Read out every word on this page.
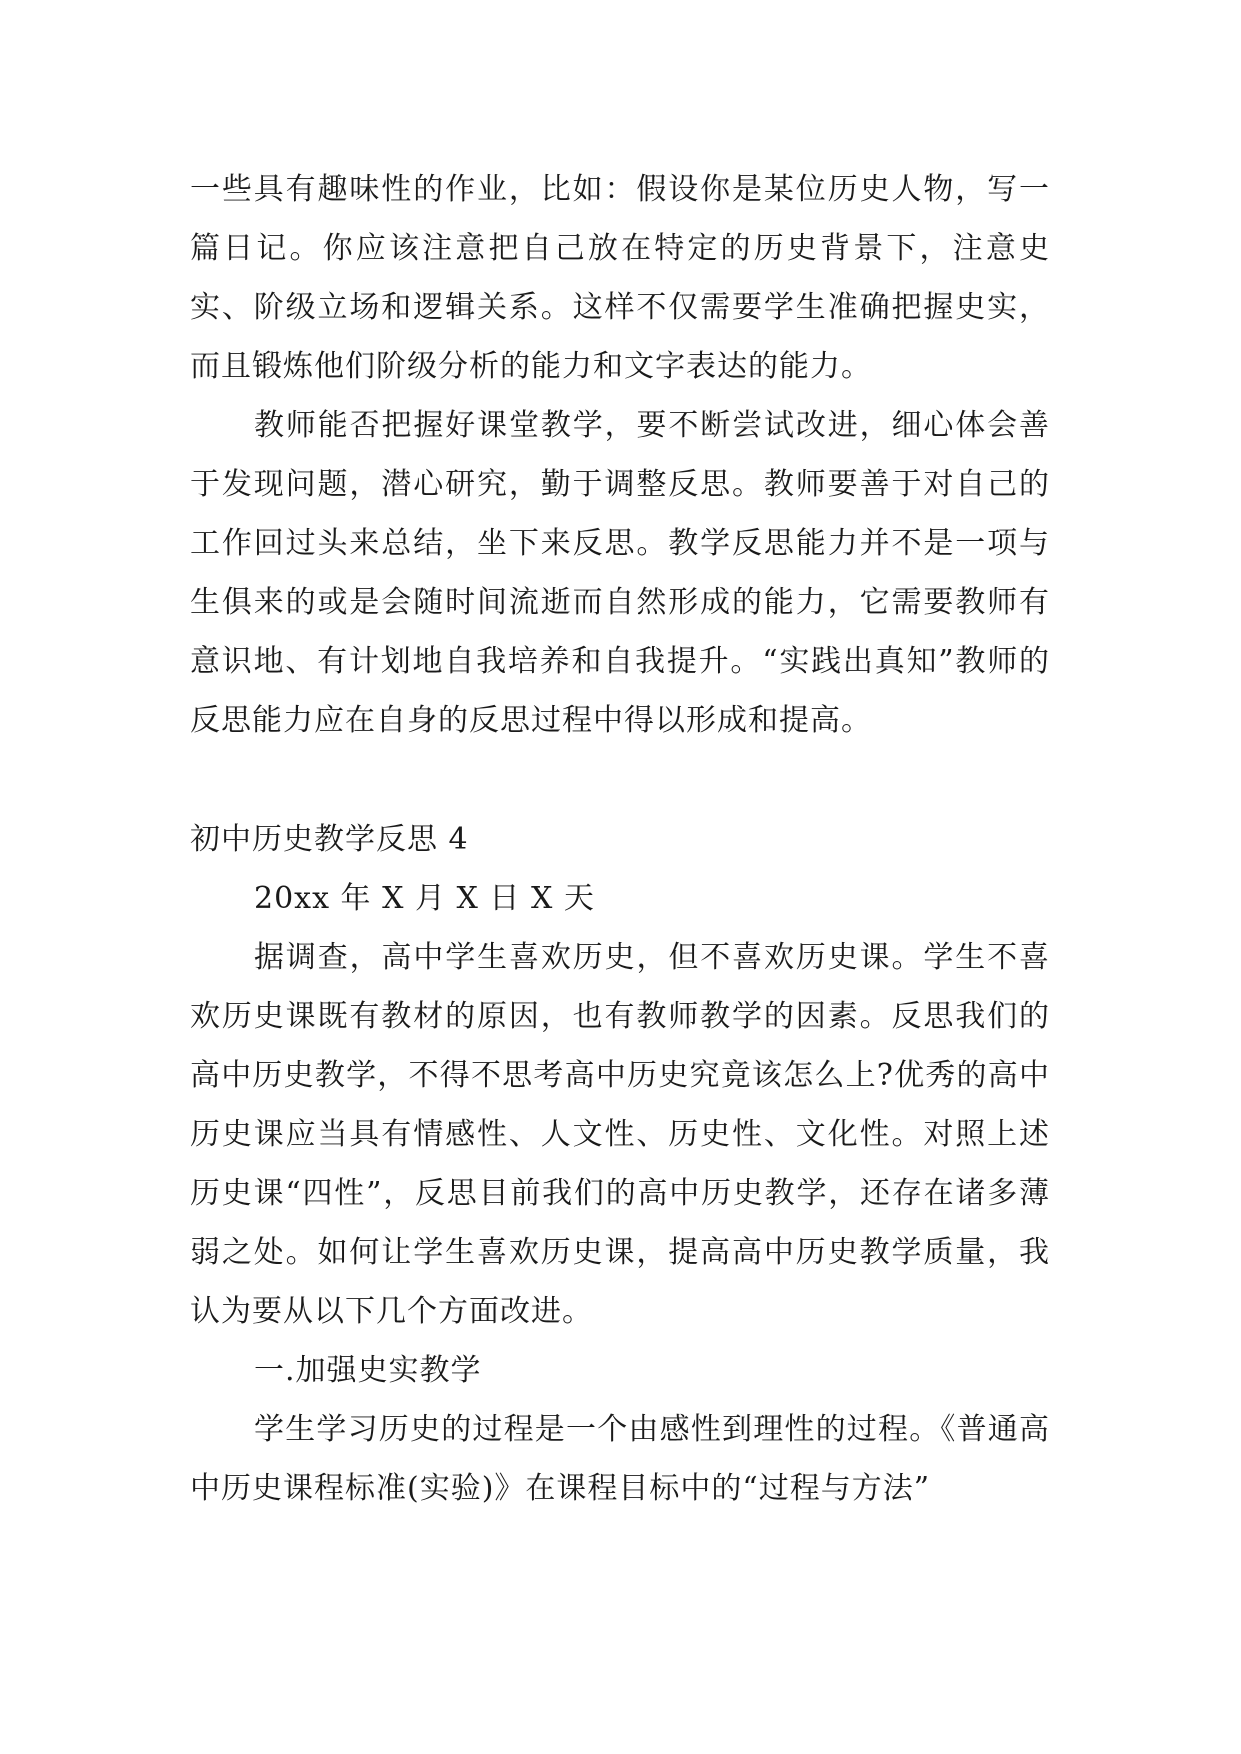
一些具有趣味性的作业，比如：假设你是某位历史人物，写一篇日记。你应该注意把自己放在特定的历史背景下，注意史实、阶级立场和逻辑关系。这样不仅需要学生准确把握史实，而且锻炼他们阶级分析的能力和文字表达的能力。

教师能否把握好课堂教学，要不断尝试改进，细心体会善于发现问题，潜心研究，勤于调整反思。教师要善于对自己的工作回过头来总结，坐下来反思。教学反思能力并不是一项与生俱来的或是会随时间流逝而自然形成的能力，它需要教师有意识地、有计划地自我培养和自我提升。“实践出真知”教师的反思能力应在自身的反思过程中得以形成和提高。

初中历史教学反思 4

20xx 年 X 月 X 日 X 天

据调查，高中学生喜欢历史，但不喜欢历史课。学生不喜欢历史课既有教材的原因，也有教师教学的因素。反思我们的高中历史教学，不得不思考高中历史究竟该怎么上?优秀的高中历史课应当具有情感性、人文性、历史性、文化性。对照上述历史课“四性”，反思目前我们的高中历史教学，还存在诸多薄弱之处。如何让学生喜欢历史课，提高高中历史教学质量，我认为要从以下几个方面改进。

一.加强史实教学

学生学习历史的过程是一个由感性到理性的过程。《普通高中历史课程标准(实验)》在课程目标中的“过程与方法”
